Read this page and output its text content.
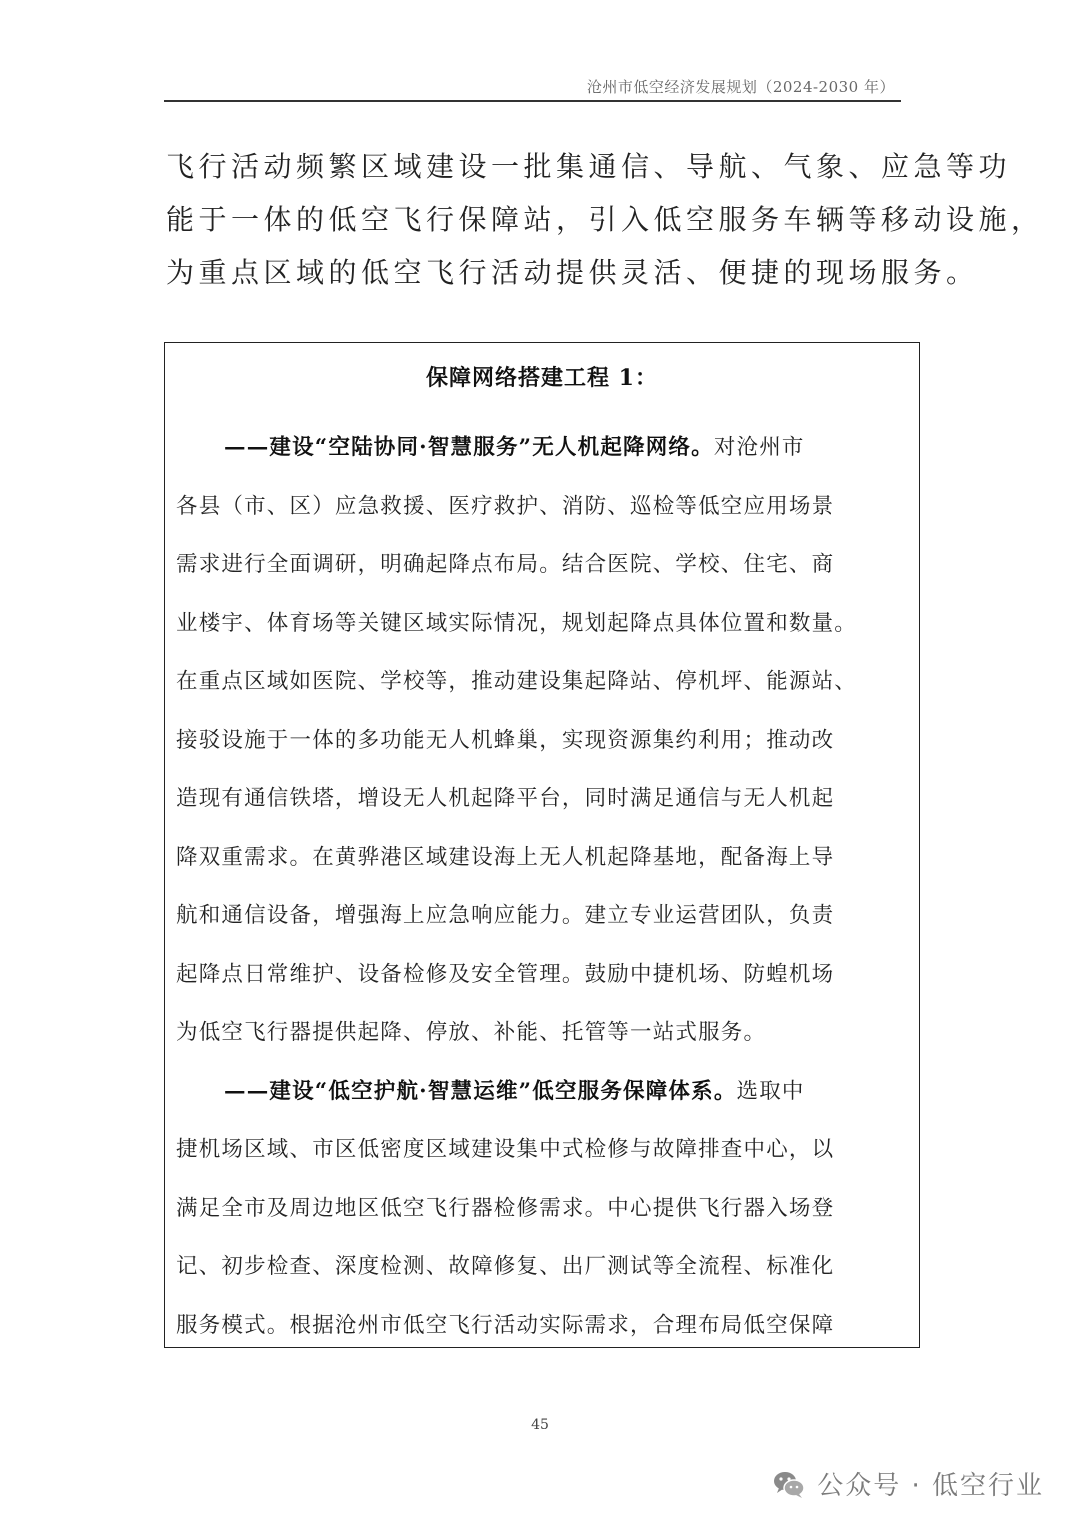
沧州市低空经济发展规划（2024-2030 年）
飞行活动频繁区域建设一批集通信、导航、气象、应急等功
能于一体的低空飞行保障站，引入低空服务车辆等移动设施，
为重点区域的低空飞行活动提供灵活、便捷的现场服务。
保障网络搭建工程 1：
——建设“空陆协同·智慧服务”无人机起降网络。对沧州市
各县（市、区）应急救援、医疗救护、消防、巡检等低空应用场景
需求进行全面调研，明确起降点布局。结合医院、学校、住宅、商
业楼宇、体育场等关键区域实际情况，规划起降点具体位置和数量。
在重点区域如医院、学校等，推动建设集起降站、停机坪、能源站、
接驳设施于一体的多功能无人机蜂巢，实现资源集约利用；推动改
造现有通信铁塔，增设无人机起降平台，同时满足通信与无人机起
降双重需求。在黄骅港区域建设海上无人机起降基地，配备海上导
航和通信设备，增强海上应急响应能力。建立专业运营团队，负责
起降点日常维护、设备检修及安全管理。鼓励中捷机场、防蝗机场
为低空飞行器提供起降、停放、补能、托管等一站式服务。
——建设“低空护航·智慧运维”低空服务保障体系。选取中
捷机场区域、市区低密度区域建设集中式检修与故障排查中心，以
满足全市及周边地区低空飞行器检修需求。中心提供飞行器入场登
记、初步检查、深度检测、故障修复、出厂测试等全流程、标准化
服务模式。根据沧州市低空飞行活动实际需求，合理布局低空保障
45
公众号 · 低空行业
